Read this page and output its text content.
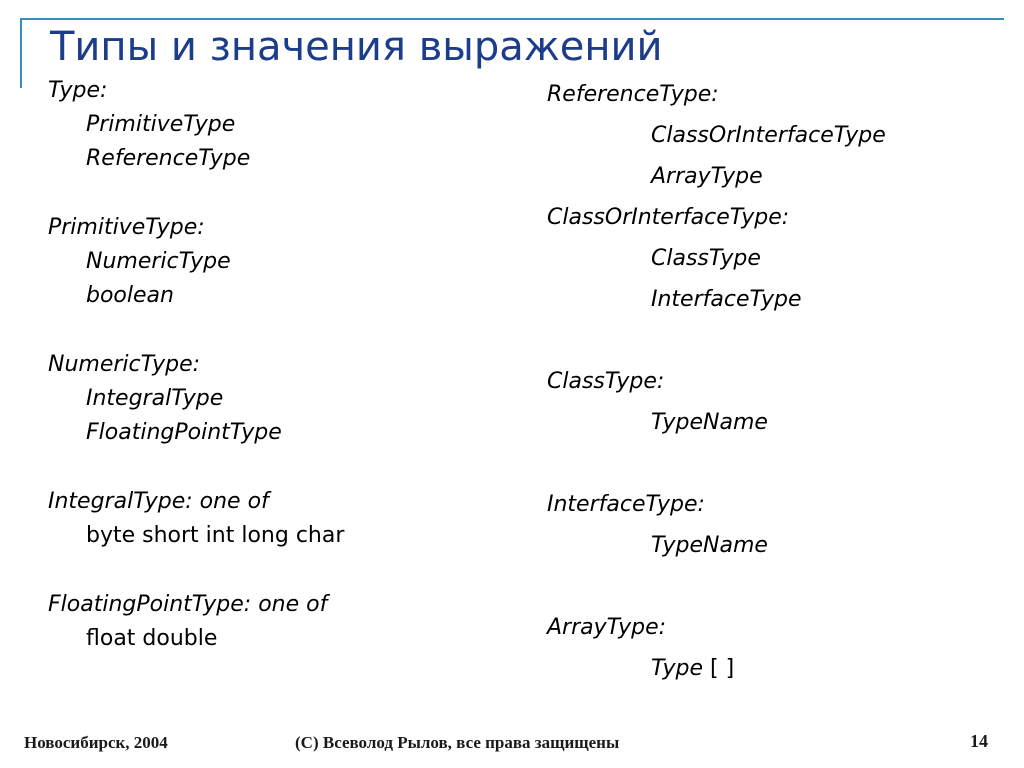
Типы и значения выражений
Type:
PrimitiveType
ReferenceType
PrimitiveType:
NumericType
boolean
NumericType:
IntegralType
FloatingPointType
IntegralType: one of
byte short int long char
FloatingPointType: one of
float double
ReferenceType:
ClassOrInterfaceType
ArrayType
ClassOrInterfaceType:
ClassType
InterfaceType
ClassType:
TypeName
InterfaceType:
TypeName
ArrayType:
Type [ ]
Новосибирск, 2004	(C) Всеволод Рылов, все права защищены	14
